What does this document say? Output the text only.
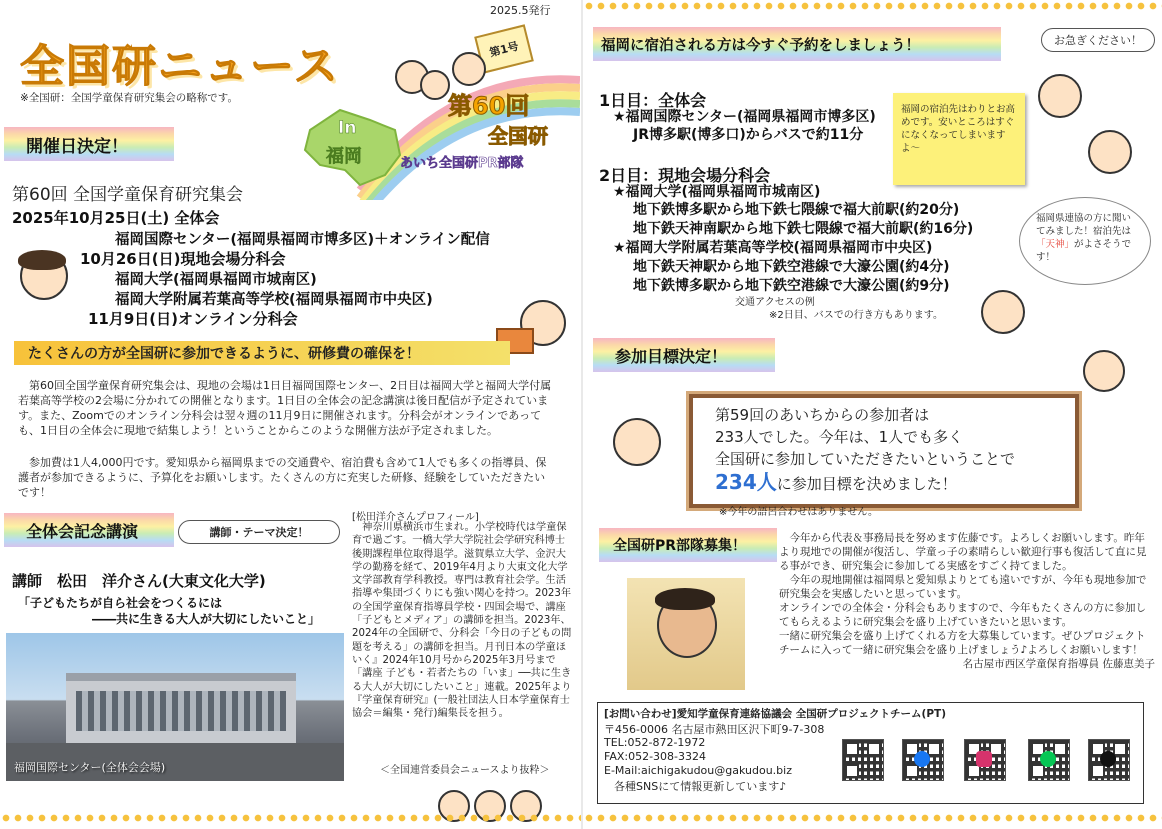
2025.5発行
全国研ニュース
※全国研：全国学童保育研究集会の略称です。
第1号
In
福岡
第60回
全国研
あいち全国研PR部隊
開催日決定！
第60回 全国学童保育研究集会
2025年10月25日(土) 全体会
福岡国際センター(福岡県福岡市博多区)＋オンライン配信
10月26日(日)現地会場分科会
福岡大学(福岡県福岡市城南区)
福岡大学附属若葉高等学校(福岡県福岡市中央区)
11月9日(日)オンライン分科会
たくさんの方が全国研に参加できるように、研修費の確保を！
　第60回全国学童保育研究集会は、現地の会場は1日目福岡国際センター、2日目は福岡大学と福岡大学付属若葉高等学校の2会場に分かれての開催となります。1日目の全体会の記念講演は後日配信が予定されています。また、Zoomでのオンライン分科会は翌々週の11月9日に開催されます。分科会がオンラインであっても、1日目の全体会に現地で結集しよう！ということからこのような開催方法が予定されました。
　参加費は1人4,000円です。愛知県から福岡県までの交通費や、宿泊費も含めて1人でも多くの指導員、保護者が参加できるように、予算化をお願いします。たくさんの方に充実した研修、経験をしていただきたいです！
全体会記念講演	講師・テーマ決定！
講師　松田　洋介さん(大東文化大学)
「子どもたちが自ら社会をつくるには
――共に生きる大人が大切にしたいこと」
福岡国際センター(全体会会場)
[松田洋介さんプロフィール]
　神奈川県横浜市生まれ。小学校時代は学童保育で過ごす。一橋大学大学院社会学研究科博士後期課程単位取得退学。滋賀県立大学、金沢大学の勤務を経て、2019年4月より大東文化大学文学部教育学科教授。専門は教育社会学。生活指導や集団づくりにも強い関心を持つ。2023年の全国学童保育指導員学校・四国会場で、講座「子どもとメディア」の講師を担当。2023年、2024年の全国研で、分科会「今日の子どもの問題を考える」の講師を担当。月刊日本の学童ほいく』2024年10月号から2025年3月号まで「講座 子ども・若者たちの「いま」──共に生きる大人が大切にしたいこと」連載。2025年より『学童保育研究』(一般社団法人日本学童保育士協会＝編集・発行)編集長を担う。
＜全国連営委員会ニュースより抜粋＞
福岡に宿泊される方は今すぐ予約をしましょう！	お急ぎください！
1日目：全体会
★福岡国際センター(福岡県福岡市博多区)
JR博多駅(博多口)からバスで約11分
2日目：現地会場分科会
★福岡大学(福岡県福岡市城南区)
地下鉄博多駅から地下鉄七隈線で福大前駅(約20分)
地下鉄天神南駅から地下鉄七隈線で福大前駅(約16分)
★福岡大学附属若葉高等学校(福岡県福岡市中央区)
地下鉄天神駅から地下鉄空港線で大濠公園(約4分)
地下鉄博多駅から地下鉄空港線で大濠公園(約9分)
交通アクセスの例
※2日目、バスでの行き方もあります。
福岡の宿泊先はわりとお高めです。安いところはすぐになくなってしまいますよ〜
福岡県連協の方に聞いてみました！宿泊先は「天神」がよさそうです！
参加目標決定！
第59回のあいちからの参加者は
233人でした。今年は、1人でも多く
全国研に参加していただきたいということで
234人に参加目標を決めました！
※今年の語呂合わせはありません。
全国研PR部隊募集！	　今年から代表＆事務局長を努めます佐藤です。よろしくお願いします。昨年より現地での開催が復活し、学童っ子の素晴らしい歓迎行事も復活して直に見る事ができ、研究集会に参加してる実感をすごく持てました。
　今年の現地開催は福岡県と愛知県よりとても遠いですが、今年も現地参加で研究集会を実感したいと思っています。
オンラインでの全体会・分科会もありますので、今年もたくさんの方に参加してもらえるように研究集会を盛り上げていきたいと思います。
一緒に研究集会を盛り上げてくれる方を大募集しています。ぜひプロジェクトチームに入って一緒に研究集会を盛り上げましょう♪よろしくお願いします！
名古屋市西区学童保育指導員 佐藤恵美子
[お問い合わせ]愛知学童保育連絡協議会 全国研プロジェクトチーム(PT)
〒456-0006 名古屋市熱田区沢下町9-7-308
TEL:052-872-1972
FAX:052-308-3324
E-Mail:aichigakudou@gakudou.biz
各種SNSにて情報更新しています♪
